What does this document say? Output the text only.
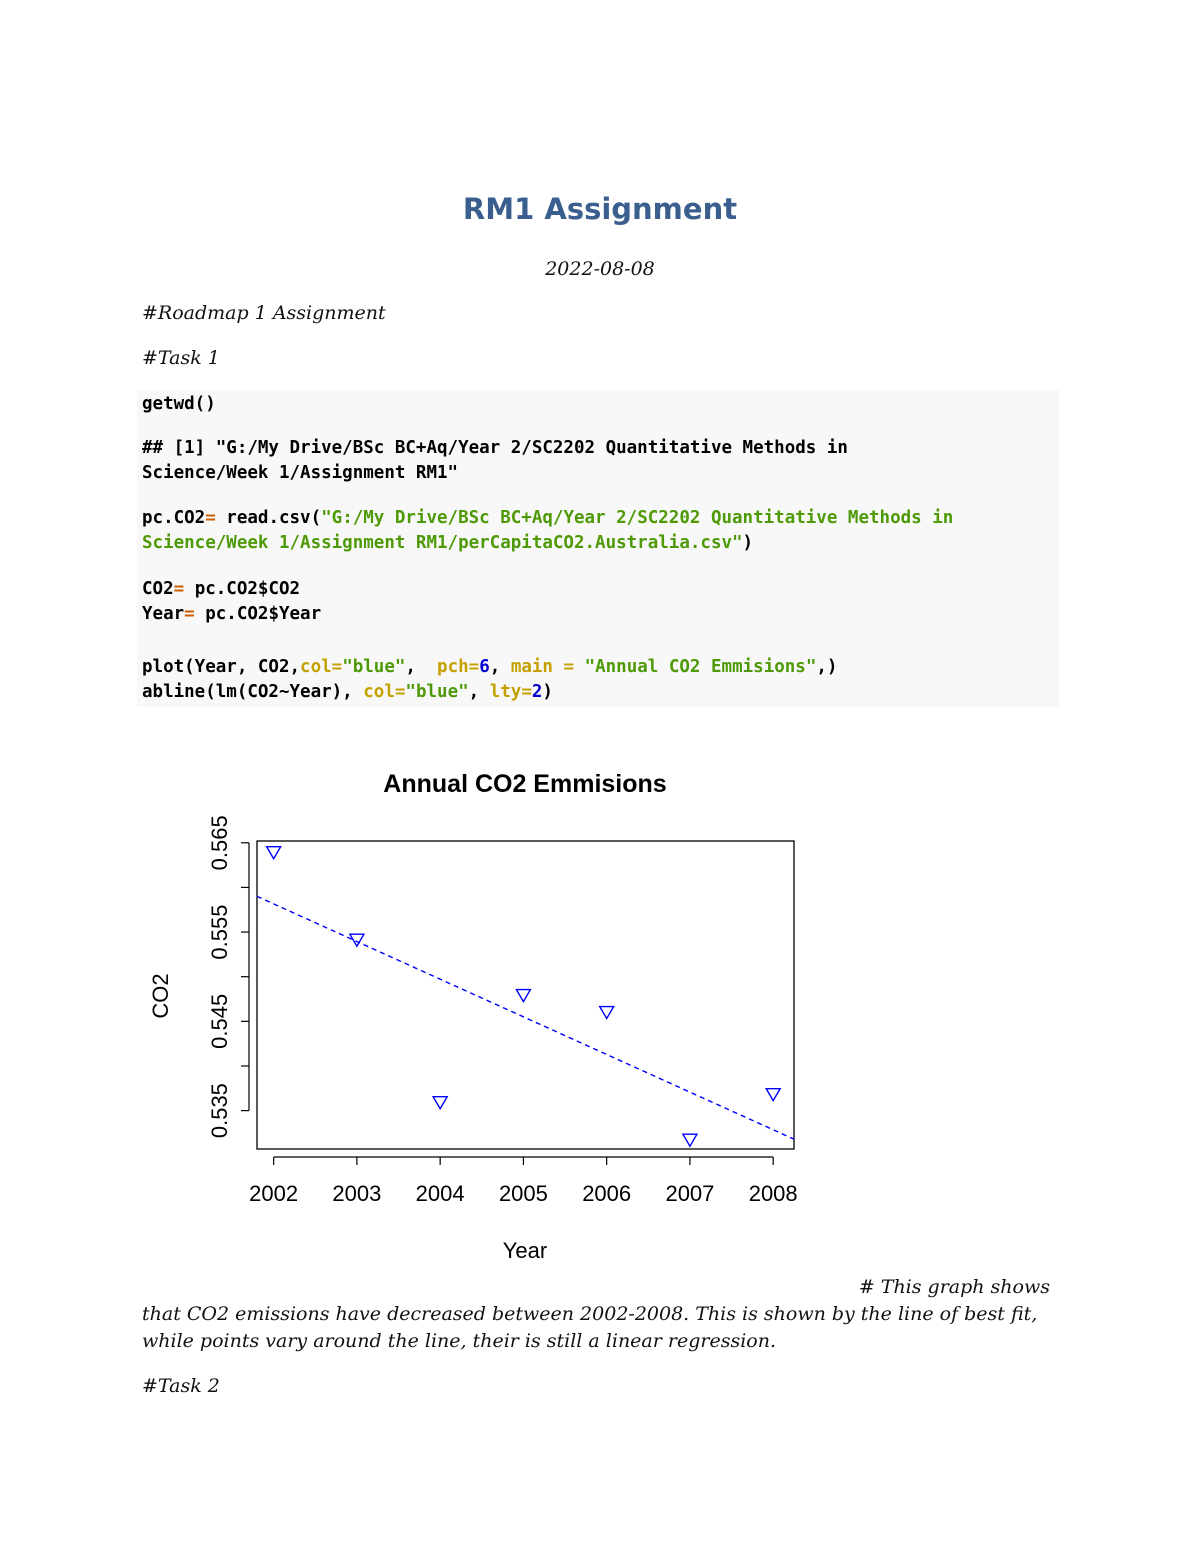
RM1 Assignment
2022-08-08
#Roadmap 1 Assignment
#Task 1
getwd()
## [1] "G:/My Drive/BSc BC+Aq/Year 2/SC2202 Quantitative Methods in
Science/Week 1/Assignment RM1"
pc.CO2= read.csv("G:/My Drive/BSc BC+Aq/Year 2/SC2202 Quantitative Methods in
Science/Week 1/Assignment RM1/perCapitaCO2.Australia.csv")
CO2= pc.CO2$CO2
Year= pc.CO2$Year
plot(Year, CO2,col="blue",  pch=6, main = "Annual CO2 Emmisions",)
abline(lm(CO2~Year), col="blue", lty=2)
Annual CO2 Emmisions
2002 2003 2004 2005 2006 2007 2008
0.535
0.545
0.555
0.565
Year
CO2
# This graph shows
that CO2 emissions have decreased between 2002-2008. This is shown by the line of best fit,
while points vary around the line, their is still a linear regression.
#Task 2
